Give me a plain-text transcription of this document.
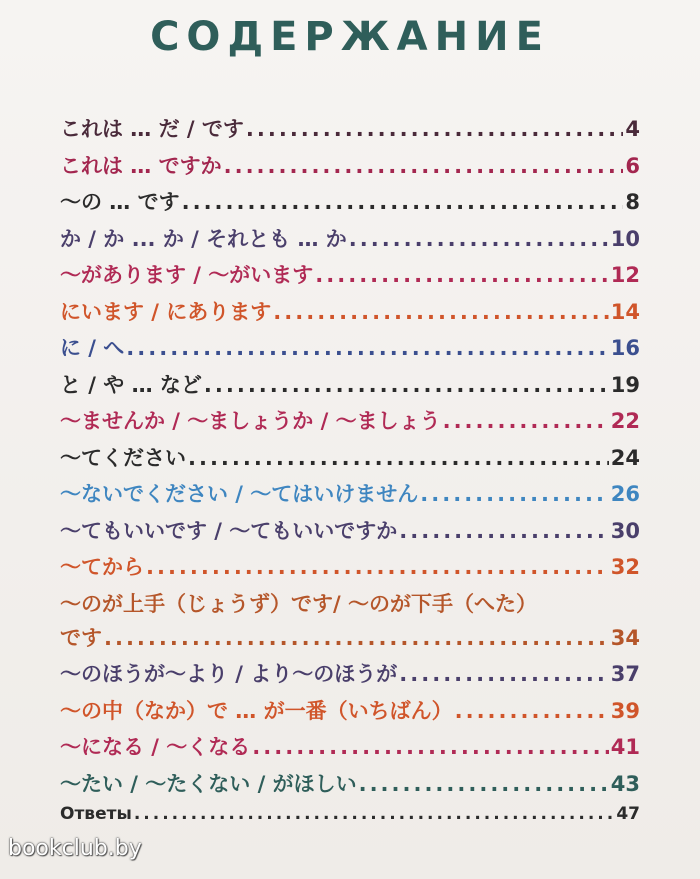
СОДЕРЖАНИЕ
これは … だ / です .....	4
これは … ですか .....	6
〜の … です .....	8
か / か ... か / それとも … か .....	10
〜があります / 〜がいます .....	12
にいます / にあります .....	14
に / へ .....	16
と / や … など .....	19
〜ませんか / 〜ましょうか / 〜ましょう .....	22
〜てください .....	24
〜ないでください / 〜てはいけません .....	26
〜てもいいです / 〜てもいいですか .....	30
〜てから .....	32
〜のが上手（じょうず）です/ 〜のが下手（へた）
です .....	34
〜のほうが〜より / より〜のほうが .....	37
〜の中（なか）で … が一番（いちばん） .....	39
〜になる / 〜くなる .....	41
〜たい / 〜たくない / がほしい .....	43
Ответы .....	47
bookclub.by
